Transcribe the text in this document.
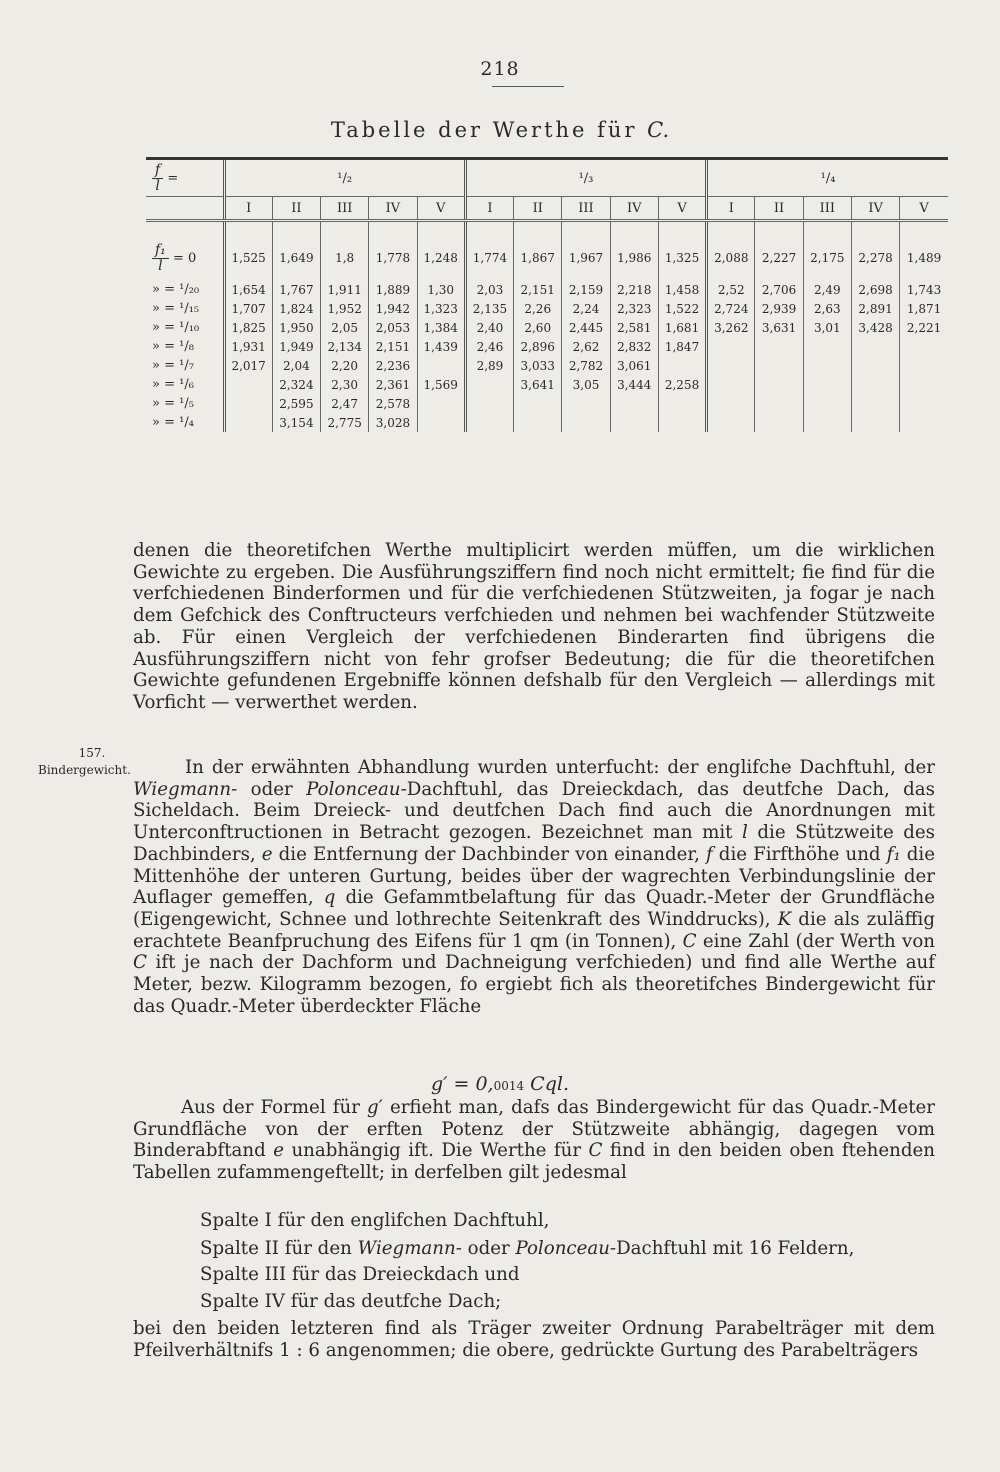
218
Tabelle der Werthe für C.
$\frac{f}{l}$ =	¹/₂					¹/₃					¹/₄				
	I	II	III	IV	V	I	II	III	IV	V	I	II	III	IV	V

$\frac{\text{f₁}}{l} = 0$	1,525	1,649	1,8	1,778	1,248	1,774	1,867	1,967	1,986	1,325	2,088	2,227	2,175	2,278	1,489
» = ¹/₂₀	1,654	1,767	1,911	1,889	1,30	2,03	2,151	2,159	2,218	1,458	2,52	2,706	2,49	2,698	1,743
» = ¹/₁₅	1,707	1,824	1,952	1,942	1,323	2,135	2,26	2,24	2,323	1,522	2,724	2,939	2,63	2,891	1,871
» = ¹/₁₀	1,825	1,950	2,05	2,053	1,384	2,40	2,60	2,445	2,581	1,681	3,262	3,631	3,01	3,428	2,221
» = ¹/₈	1,931	1,949	2,134	2,151	1,439	2,46	2,896	2,62	2,832	1,847					
» = ¹/₇	2,017	2,04	2,20	2,236		2,89	3,033	2,782	3,061						
» = ¹/₆		2,324	2,30	2,361	1,569		3,641	3,05	3,444	2,258					
» = ¹/₅		2,595	2,47	2,578											
» = ¹/₄		3,154	2,775	3,028											
denen die theoretifchen Werthe multiplicirt werden müffen, um die wirklichen Gewichte zu ergeben. Die Ausführungsziffern find noch nicht ermittelt; fie find für die verfchiedenen Binderformen und für die verfchiedenen Stützweiten, ja fogar je nach dem Gefchick des Conftructeurs verfchieden und nehmen bei wachfender Stützweite ab. Für einen Vergleich der verfchiedenen Binderarten find übrigens die Ausführungsziffern nicht von fehr grofser Bedeutung; die für die theoretifchen Gewichte gefundenen Ergebniffe können defshalb für den Vergleich — allerdings mit Vorficht — verwerthet werden.
157.
Bindergewicht.	In der erwähnten Abhandlung wurden unterfucht: der englifche Dachftuhl, der Wiegmann- oder Polonceau-Dachftuhl, das Dreieckdach, das deutfche Dach, das Sicheldach. Beim Dreieck- und deutfchen Dach find auch die Anordnungen mit Unterconftructionen in Betracht gezogen. Bezeichnet man mit l die Stützweite des Dachbinders, e die Entfernung der Dachbinder von einander, f die Firfthöhe und f₁ die Mittenhöhe der unteren Gurtung, beides über der wagrechten Verbindungslinie der Auflager gemeffen, q die Gefammtbelaftung für das Quadr.-Meter der Grundfläche (Eigengewicht, Schnee und lothrechte Seitenkraft des Winddrucks), K die als zuläffig erachtete Beanfpruchung des Eifens für 1 qm (in Tonnen), C eine Zahl (der Werth von C ift je nach der Dachform und Dachneigung verfchieden) und find alle Werthe auf Meter, bezw. Kilogramm bezogen, fo ergiebt fich als theoretifches Bindergewicht für das Quadr.-Meter überdeckter Fläche
g′ = 0,0014 Cql.
Aus der Formel für g′ erfieht man, dafs das Bindergewicht für das Quadr.-Meter Grundfläche von der erften Potenz der Stützweite abhängig, dagegen vom Binderabftand e unabhängig ift. Die Werthe für C find in den beiden oben ftehenden Tabellen zufammengeftellt; in derfelben gilt jedesmal
Spalte I für den englifchen Dachftuhl,
Spalte II für den Wiegmann- oder Polonceau-Dachftuhl mit 16 Feldern,
Spalte III für das Dreieckdach und
Spalte IV für das deutfche Dach;
bei den beiden letzteren find als Träger zweiter Ordnung Parabelträger mit dem Pfeilverhältnifs 1 : 6 angenommen; die obere, gedrückte Gurtung des Parabelträgers
